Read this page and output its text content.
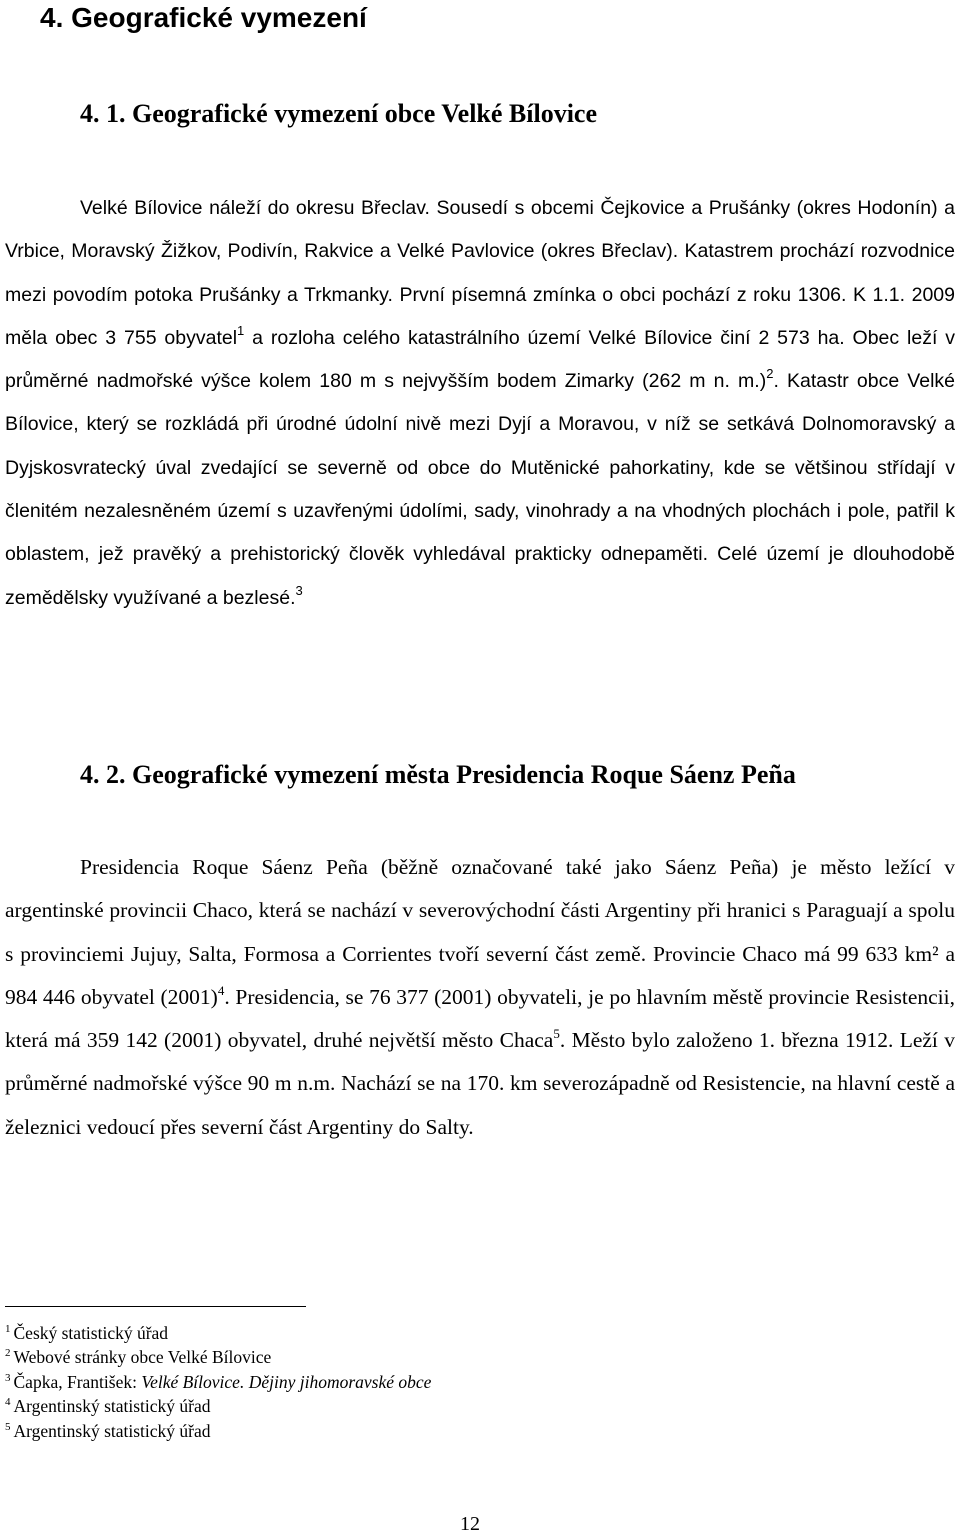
4. Geografické vymezení
4. 1. Geografické vymezení obce Velké Bílovice

Velké Bílovice náleží do okresu Břeclav. Sousedí s obcemi Čejkovice a Prušánky (okres Hodonín) a Vrbice, Moravský Žižkov, Podivín, Rakvice a Velké Pavlovice (okres Břeclav). Katastrem prochází rozvodnice mezi povodím potoka Prušánky a Trkmanky. První písemná zmínka o obci pochází z roku 1306. K 1.1. 2009 měla obec 3 755 obyvatel$^1$ a rozloha celého katastrálního území Velké Bílovice činí 2 573 ha. Obec leží v průměrné nadmořské výšce kolem 180 m s nejvyšším bodem Zimarky (262 m n. m.)$^2$. Katastr obce Velké Bílovice, který se rozkládá při úrodné údolní nivě mezi Dyjí a Moravou, v níž se setkává Dolnomoravský a Dyjskosvratecký úval zvedající se severně od obce do Mutěnické pahorkatiny, kde se většinou střídají v členitém nezalesněném území s uzavřenými údolími, sady, vinohrady a na vhodných plochách i pole, patřil k oblastem, jež pravěký a prehistorický člověk vyhledával prakticky odnepaměti. Celé území je dlouhodobě zemědělsky využívané a bezlesé.$^3$

4. 2. Geografické vymezení města Presidencia Roque Sáenz Peña

Presidencia Roque Sáenz Peña (běžně označované také jako Sáenz Peña) je město ležící v argentinské provincii Chaco, která se nachází v severovýchodní části Argentiny při hranici s Paraguají a spolu s provinciemi Jujuy, Salta, Formosa a Corrientes tvoří severní část země. Provincie Chaco má 99 633 km² a 984 446 obyvatel $(2001)^4$. Presidencia, se 76 377 (2001) obyvateli, je po hlavním městě provincie Resistencii, která má 359 142 (2001) obyvatel, druhé největší město Chaca$^5$. Město bylo založeno 1. března 1912. Leží v průměrné nadmořské výšce 90 m n.m. Nachází se na 170. km severozápadně od Resistencie, na hlavní cestě a železnici vedoucí přes severní část Argentiny do Salty.

$^1$ Český statistický úřad
$^2$ Webové stránky obce Velké Bílovice
$^3$ Čapka, František: Velké Bílovice. Dějiny jihomoravské obce
$^4$ Argentinský statistický úřad
$^5$ Argentinský statistický úřad
12
